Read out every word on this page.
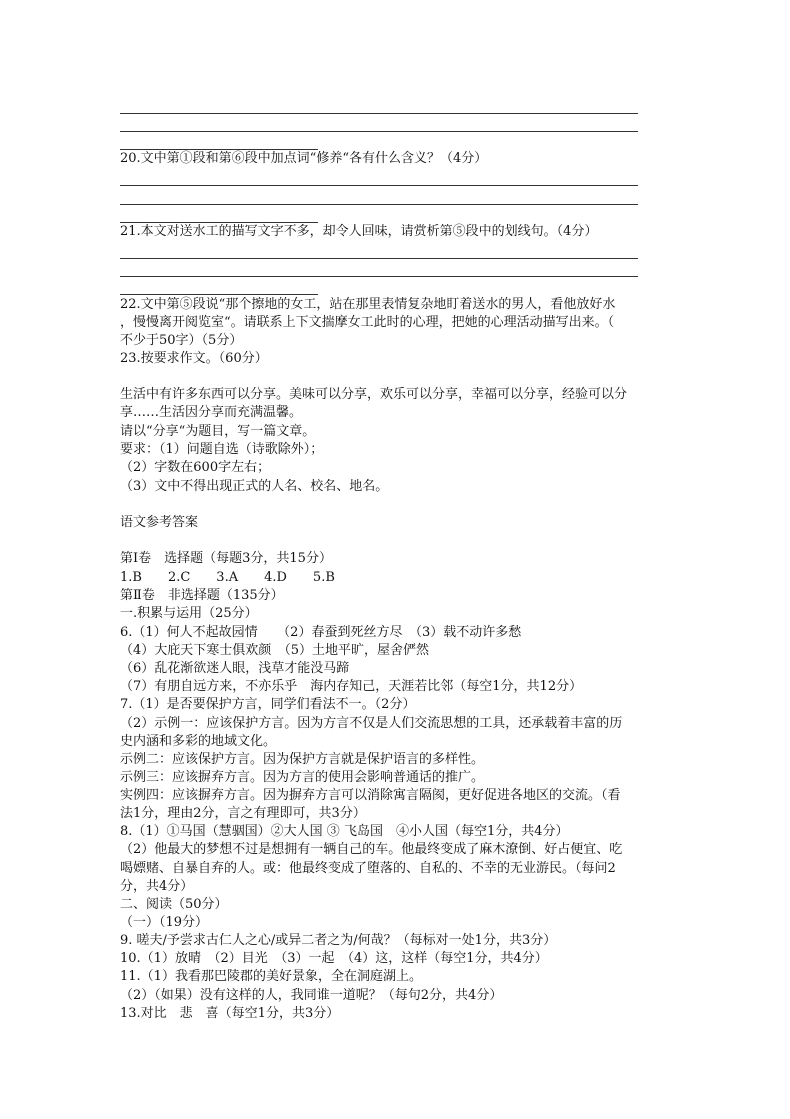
20.文中第①段和第⑥段中加点词“修养“各有什么含义？（4分）
21.本文对送水工的描写文字不多，却令人回味，请赏析第⑤段中的划线句。（4分）
22.文中第⑤段说“那个擦地的女工，站在那里表情复杂地盯着送水的男人，看他放好水
，慢慢离开阅览室“。请联系上下文揣摩女工此时的心理，把她的心理活动描写出来。（
不少于50字）（5分）
23.按要求作文。（60分）
生活中有许多东西可以分享。美味可以分享，欢乐可以分享，幸福可以分享，经验可以分
享……生活因分享而充满温馨。
请以“分享“为题目，写一篇文章。
要求：（1）问题自选（诗歌除外）；
（2）字数在600字左右；
（3）文中不得出现正式的人名、校名、地名。
语文参考答案
第Ⅰ卷　选择题（每题3分，共15分）
1.B　　2.C　　3.A　　4.D　　5.B
第Ⅱ卷　非选择题（135分）
一.积累与运用（25分）
6.（1）何人不起故园情　　（2）春蚕到死丝方尽　（3）载不动许多愁
（4）大庇天下寒士俱欢颜　（5）土地平旷，屋舍俨然
（6）乱花渐欲迷人眼，浅草才能没马蹄
（7）有朋自远方来，不亦乐乎　海内存知己，天涯若比邻（每空1分，共12分）
7.（1）是否要保护方言，同学们看法不一。（2分）
（2）示例一：应该保护方言。因为方言不仅是人们交流思想的工具，还承载着丰富的历
史内涵和多彩的地域文化。
示例二：应该保护方言。因为保护方言就是保护语言的多样性。
示例三：应该摒弃方言。因为方言的使用会影响普通话的推广。
实例四：应该摒弃方言。因为摒弃方言可以消除寓言隔阂，更好促进各地区的交流。（看
法1分，理由2分，言之有理即可，共3分）
8.（1）①马国（慧骃国）②大人国 ③ 飞岛国　④小人国（每空1分，共4分）
（2）他最大的梦想不过是想拥有一辆自己的车。他最终变成了麻木潦倒、好占便宜、吃
喝嫖赌、自暴自弃的人。或：他最终变成了堕落的、自私的、不幸的无业游民。（每问2
分，共4分）
二、阅读（50分）
（一）（19分）
9. 嗟夫/予尝求古仁人之心/或异二者之为/何哉？（每标对一处1分，共3分）
10.（1）放晴　（2）目光　（3）一起　（4）这，这样（每空1分，共4分）
11.（1）我看那巴陵郡的美好景象，全在洞庭湖上。
（2）（如果）没有这样的人，我同谁一道呢？（每句2分，共4分）
13.对比　悲　喜（每空1分，共3分）
